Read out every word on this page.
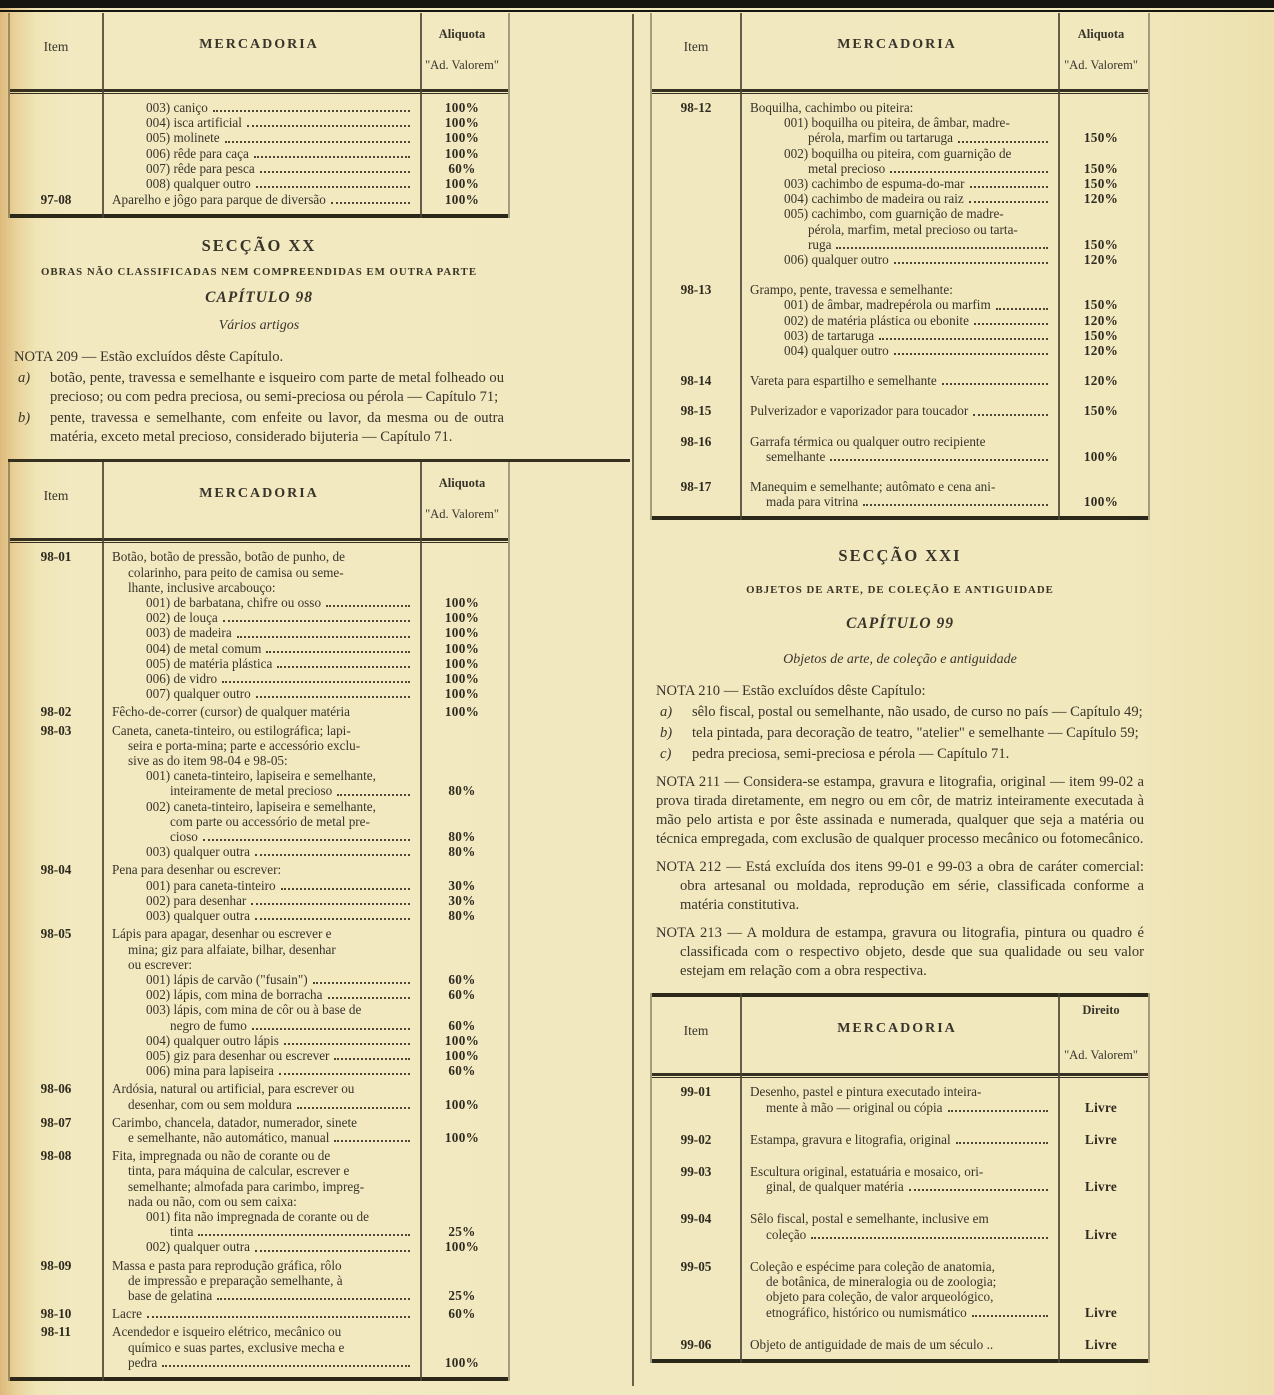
Item	MERCADORIA
Aliquota
"Ad. Valorem"
003) caniço	100%
004) isca artificial	100%
005) molinete	100%
006) rêde para caça	100%
007) rêde para pesca	60%
008) qualquer outro	100%
97-08	Aparelho e jôgo para parque de diversão	100%
SECÇÃO XX
OBRAS NÃO CLASSIFICADAS NEM COMPREENDIDAS EM OUTRA PARTE
CAPÍTULO 98
Vários artigos
NOTA 209 — Estão excluídos dêste Capítulo.
a)	botão, pente, travessa e semelhante e isqueiro com parte de metal folheado ou precioso; ou com pedra preciosa, ou semi-preciosa ou pérola — Capítulo 71;
b)	pente, travessa e semelhante, com enfeite ou lavor, da mesma ou de outra matéria, exceto metal precioso, considerado bijuteria — Capítulo 71.
Item	MERCADORIA
Aliquota
"Ad. Valorem"
98-01	Botão, botão de pressão, botão de punho, de
colarinho, para peito de camisa ou seme-
lhante, inclusive arcabouço:
001) de barbatana, chifre ou osso	100%
002) de louça	100%
003) de madeira	100%
004) de metal comum	100%
005) de matéria plástica	100%
006) de vidro	100%
007) qualquer outro	100%
98-02	Fêcho-de-correr (cursor) de qualquer matéria	100%
98-03	Caneta, caneta-tinteiro, ou estilográfica; lapi-
seira e porta-mina; parte e accessório exclu-
sive as do item 98-04 e 98-05:
001) caneta-tinteiro, lapiseira e semelhante,
inteiramente de metal precioso	80%
002) caneta-tinteiro, lapiseira e semelhante,
com parte ou accessório de metal pre-
cioso	80%
003) qualquer outra	80%
98-04	Pena para desenhar ou escrever:
001) para caneta-tinteiro	30%
002) para desenhar	30%
003) qualquer outra	80%
98-05	Lápis para apagar, desenhar ou escrever e
mina; giz para alfaiate, bilhar, desenhar
ou escrever:
001) lápis de carvão ("fusain")	60%
002) lápis, com mina de borracha	60%
003) lápis, com mina de côr ou à base de
negro de fumo	60%
004) qualquer outro lápis	100%
005) giz para desenhar ou escrever	100%
006) mina para lapiseira	60%
98-06	Ardósia, natural ou artificial, para escrever ou
desenhar, com ou sem moldura	100%
98-07	Carimbo, chancela, datador, numerador, sinete
e semelhante, não automático, manual	100%
98-08	Fita, impregnada ou não de corante ou de
tinta, para máquina de calcular, escrever e
semelhante; almofada para carimbo, impreg-
nada ou não, com ou sem caixa:
001) fita não impregnada de corante ou de
tinta	25%
002) qualquer outra	100%
98-09	Massa e pasta para reprodução gráfica, rôlo
de impressão e preparação semelhante, à
base de gelatina	25%
98-10	Lacre	60%
98-11	Acendedor e isqueiro elétrico, mecânico ou
químico e suas partes, exclusive mecha e
pedra	100%
Item	MERCADORIA
Aliquota
"Ad. Valorem"
98-12	Boquilha, cachimbo ou piteira:
001) boquilha ou piteira, de âmbar, madre-
pérola, marfim ou tartaruga	150%
002) boquilha ou piteira, com guarnição de
metal precioso	150%
003) cachimbo de espuma-do-mar	150%
004) cachimbo de madeira ou raiz	120%
005) cachimbo, com guarnição de madre-
pérola, marfim, metal precioso ou tarta-
ruga	150%
006) qualquer outro	120%
98-13	Grampo, pente, travessa e semelhante:
001) de âmbar, madrepérola ou marfim	150%
002) de matéria plástica ou ebonite	120%
003) de tartaruga	150%
004) qualquer outro	120%
98-14	Vareta para espartilho e semelhante	120%
98-15	Pulverizador e vaporizador para toucador	150%
98-16	Garrafa térmica ou qualquer outro recipiente
semelhante	100%
98-17	Manequim e semelhante; autômato e cena ani-
mada para vitrina	100%
SECÇÃO XXI
OBJETOS DE ARTE, DE COLEÇÃO E ANTIGUIDADE
CAPÍTULO 99
Objetos de arte, de coleção e antiguidade
NOTA 210 — Estão excluídos dêste Capítulo:
a)	sêlo fiscal, postal ou semelhante, não usado, de curso no país — Capítulo 49;
b)	tela pintada, para decoração de teatro, "atelier" e semelhante — Capítulo 59;
c)	pedra preciosa, semi-preciosa e pérola — Capítulo 71.
NOTA 211 — Considera-se estampa, gravura e litografia, original — item 99-02 a prova tirada diretamente, em negro ou em côr, de matriz inteiramente executada à mão pelo artista e por êste assinada e numerada, qualquer que seja a matéria ou técnica empregada, com exclusão de qualquer processo mecânico ou fotomecânico.
NOTA 212 — Está excluída dos itens 99-01 e 99-03 a obra de caráter comercial: obra artesanal ou moldada, reprodução em série, classificada conforme a matéria constitutiva.
NOTA 213 — A moldura de estampa, gravura ou litografia, pintura ou quadro é classificada com o respectivo objeto, desde que sua qualidade ou seu valor estejam em relação com a obra respectiva.
Item	MERCADORIA
Direito
"Ad. Valorem"
99-01	Desenho, pastel e pintura executado inteira-
mente à mão — original ou cópia	Livre
99-02	Estampa, gravura e litografia, original	Livre
99-03	Escultura original, estatuária e mosaico, ori-
ginal, de qualquer matéria	Livre
99-04	Sêlo fiscal, postal e semelhante, inclusive em
coleção	Livre
99-05	Coleção e espécime para coleção de anatomia,
de botânica, de mineralogia ou de zoologia;
objeto para coleção, de valor arqueológico,
etnográfico, histórico ou numismático	Livre
99-06	Objeto de antiguidade de mais de um século ..	Livre
